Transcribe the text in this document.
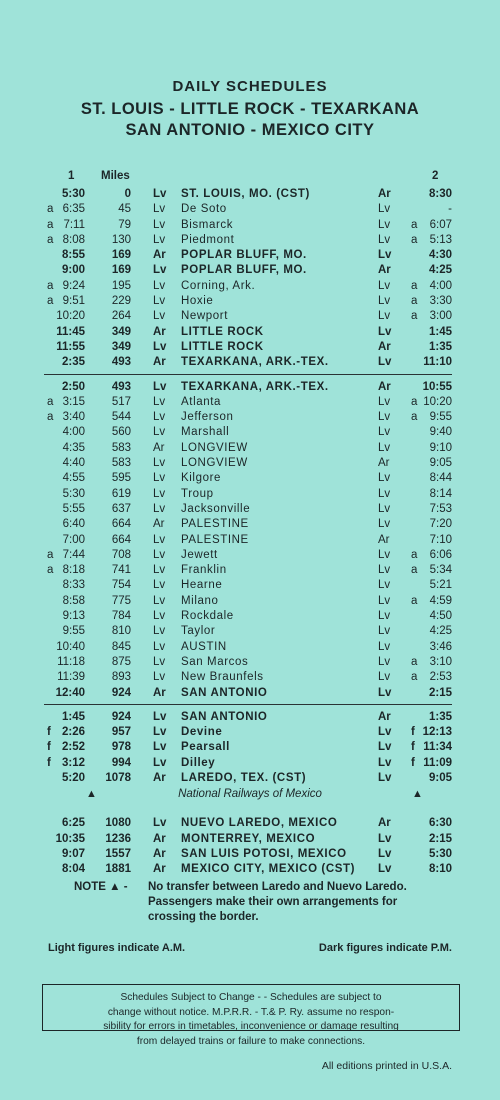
DAILY SCHEDULES
ST. LOUIS - LITTLE ROCK - TEXARKANA
SAN ANTONIO - MEXICO CITY
1 Miles	2
5:30	0 Lv ST. LOUIS, MO. (CST)	Ar	8:30
a 6:35	45 Lv De Soto	Lv	-
a 7:11	79 Lv Bismarck	Lv a	6:07
a 8:08 130 Lv Piedmont	Lv a	5:13
8:55 169 Ar POPLAR BLUFF, MO.	Lv	4:30
9:00 169 Lv POPLAR BLUFF, MO.	Ar	4:25
a 9:24 195 Lv Corning, Ark.	Lv a	4:00
a 9:51 229 Lv Hoxie	Lv a	3:30
10:20 264 Lv Newport	Lv a	3:00
11:45 349 Ar LITTLE ROCK	Lv	1:45
11:55 349 Lv LITTLE ROCK	Ar	1:35
2:35 493 Ar TEXARKANA, ARK.-TEX.	Lv	11:10
2:50 493 Lv TEXARKANA, ARK.-TEX.	Ar	10:55
a 3:15 517 Lv Atlanta	Lv a 10:20
a 3:40 544 Lv Jefferson	Lv a	9:55
4:00 560 Lv Marshall	Lv	9:40
4:35 583 Ar LONGVIEW	Lv	9:10
4:40 583 Lv LONGVIEW	Ar	9:05
4:55 595 Lv Kilgore	Lv	8:44
5:30 619 Lv Troup	Lv	8:14
5:55 637 Lv Jacksonville	Lv	7:53
6:40 664 Ar PALESTINE	Lv	7:20
7:00 664 Lv PALESTINE	Ar	7:10
a 7:44 708 Lv Jewett	Lv a	6:06
a 8:18 741 Lv Franklin	Lv a	5:34
8:33 754 Lv Hearne	Lv	5:21
8:58 775 Lv Milano	Lv a	4:59
9:13 784 Lv Rockdale	Lv	4:50
9:55 810 Lv Taylor	Lv	4:25
10:40 845 Lv AUSTIN	Lv	3:46
11:18 875 Lv San Marcos	Lv a	3:10
11:39 893 Lv New Braunfels	Lv a	2:53
12:40 924 Ar SAN ANTONIO	Lv	2:15
1:45 924 Lv SAN ANTONIO	Ar	1:35
f 2:26 957 Lv Devine	Lv f 12:13
f 2:52 978 Lv Pearsall	Lv f 11:34
f 3:12 994 Lv Dilley	Lv f 11:09
5:20 1078 Ar LAREDO, TEX. (CST)	Lv	9:05
6:25 1080 Lv NUEVO LAREDO, MEXICO	Ar	6:30
10:35 1236 Ar MONTERREY, MEXICO	Lv	2:15
9:07 1557 Ar SAN LUIS POTOSI, MEXICO	Lv	5:30
8:04 1881 Ar MEXICO CITY, MEXICO (CST) Lv	8:10
▲	National Railways of Mexico	▲
NOTE ▲ - No transfer between Laredo and Nuevo Laredo.
Passengers make their own arrangements for
crossing the border.
Light figures indicate A.M.	Dark figures indicate P.M.
Schedules Subject to Change - - Schedules are subject to
change without notice. M.P.R.R. - T.& P. Ry. assume no respon-
sibility for errors in timetables, inconvenience or damage resulting
from delayed trains or failure to make connections.
All editions printed in U.S.A.
